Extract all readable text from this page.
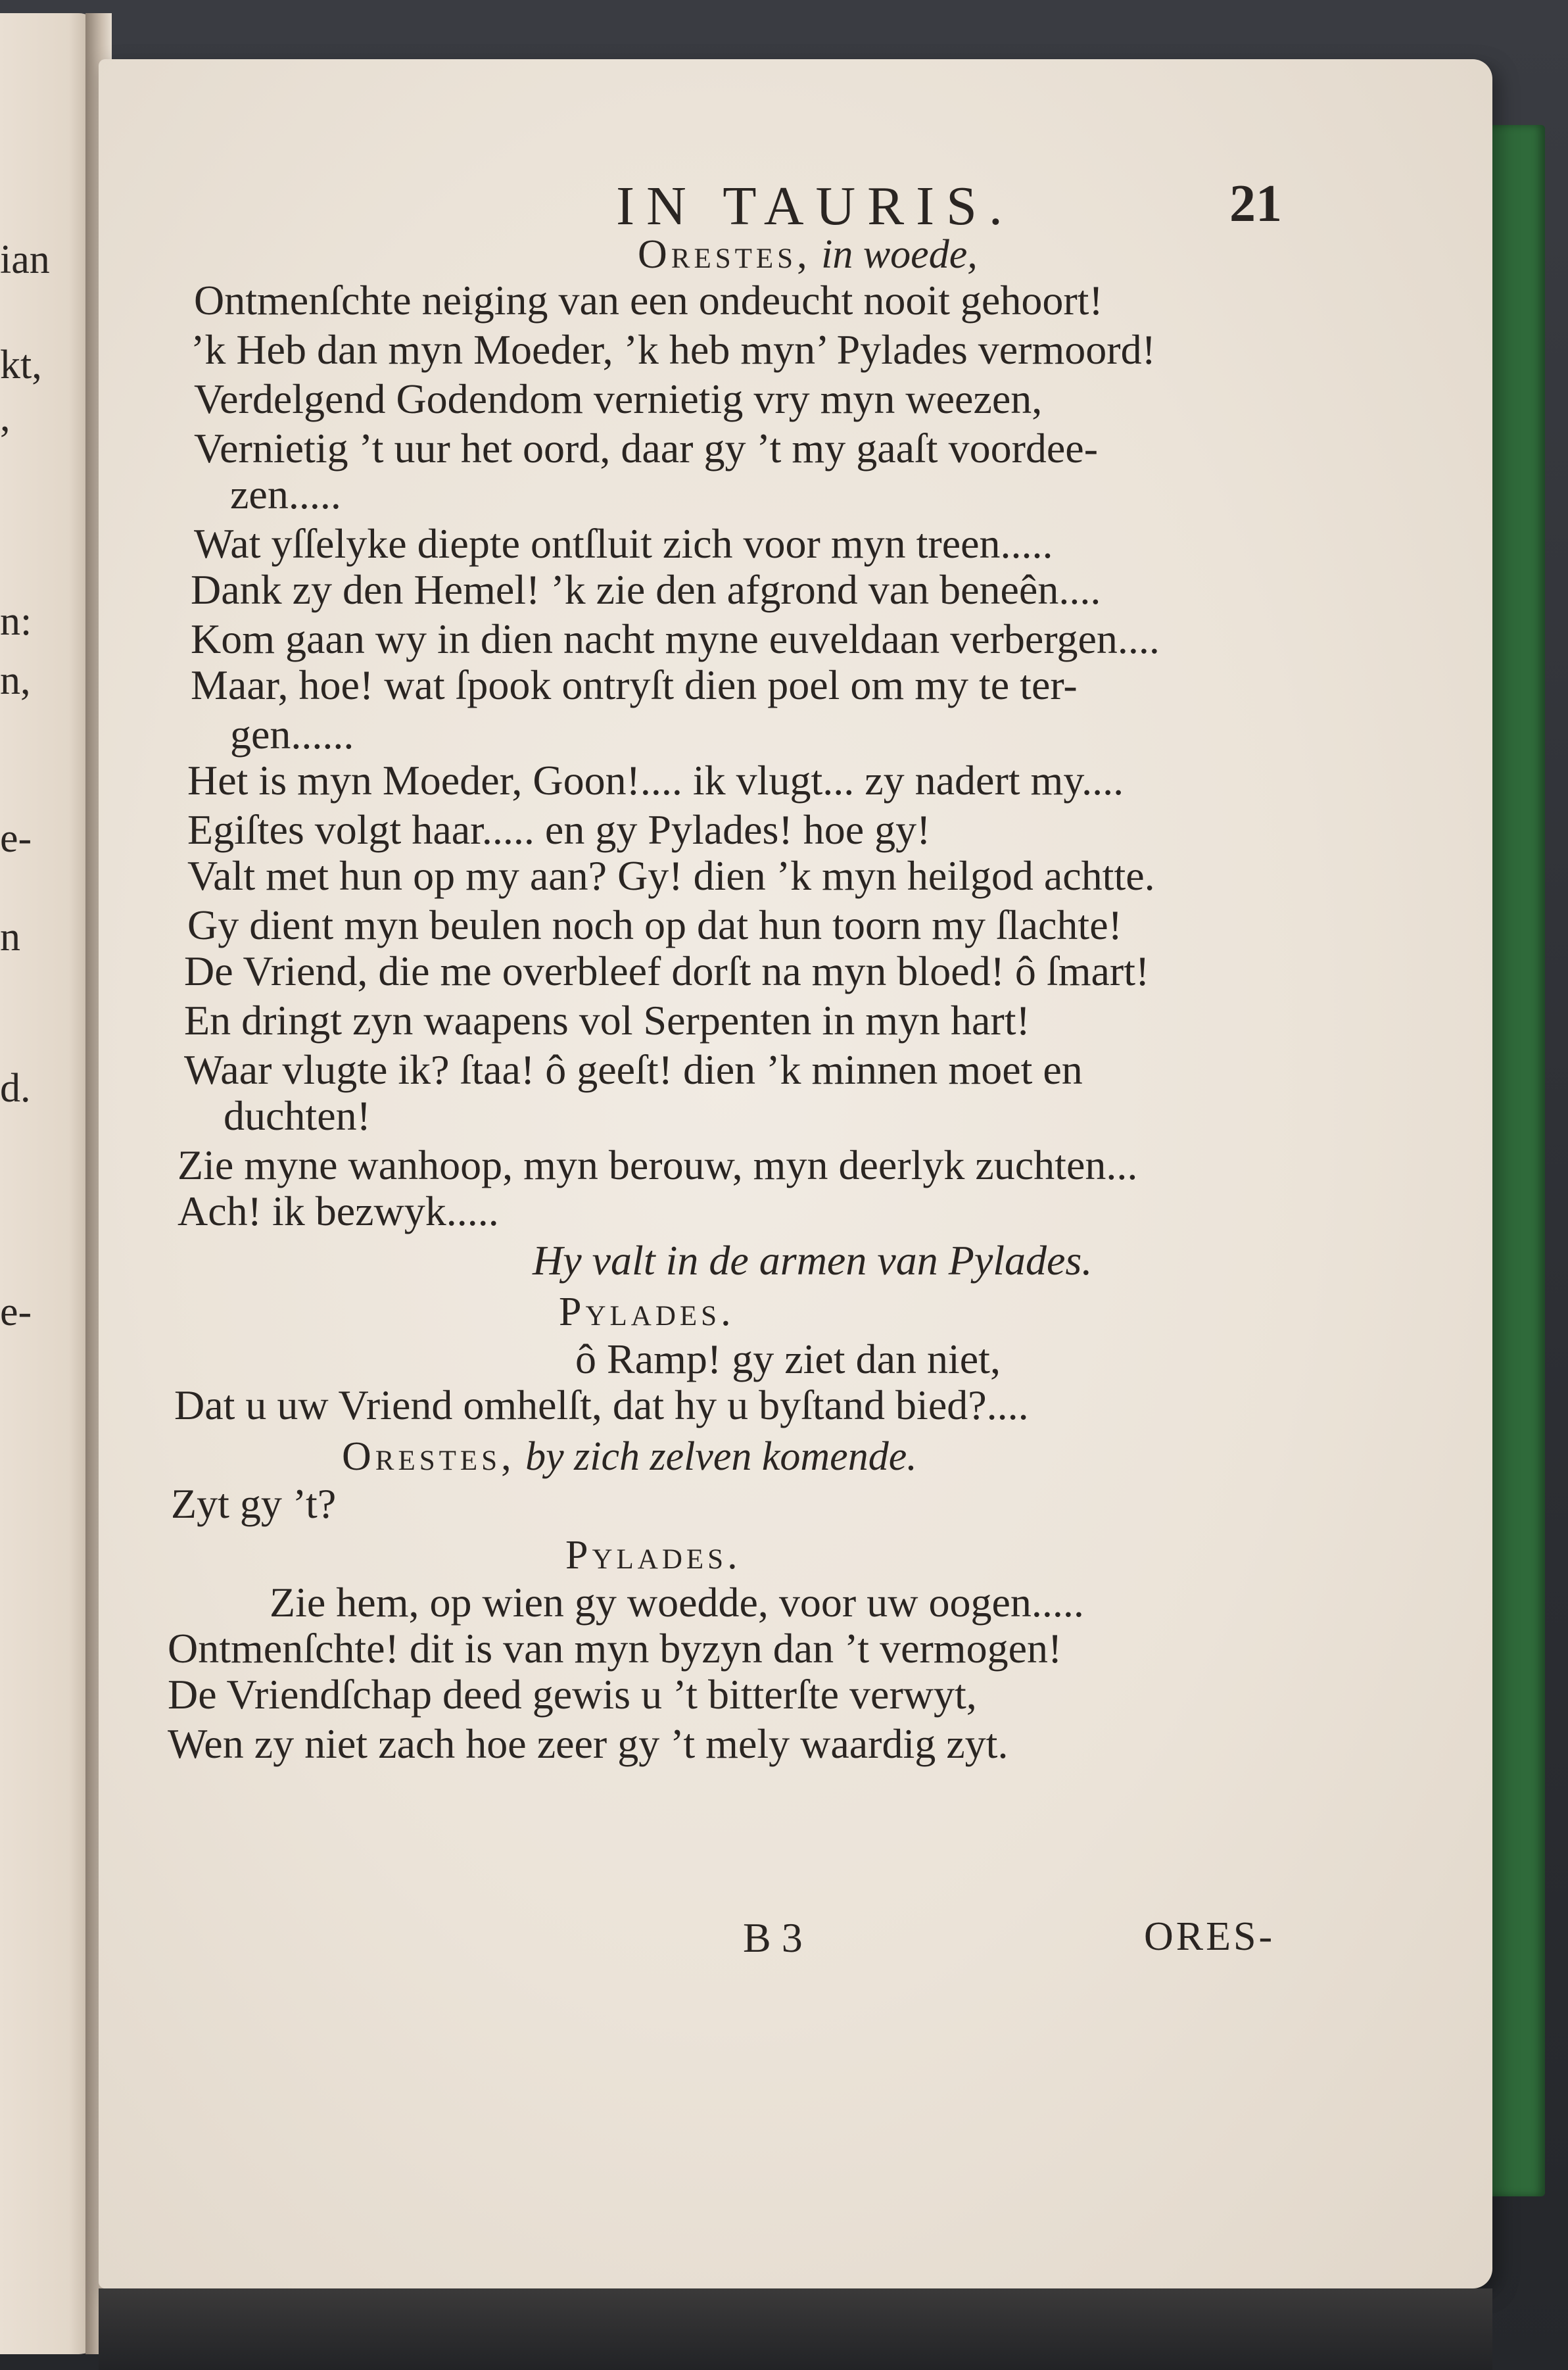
ian
kt,
,
n:
n,
e-
n
d.
e-
IN TAURIS.	21
Orestes, in woede,
Ontmenſchte neiging van een ondeucht nooit gehoort!
’k Heb dan myn Moeder, ’k heb myn’ Pylades vermoord!
Verdelgend Godendom vernietig vry myn weezen,
Vernietig ’t uur het oord, daar gy ’t my gaaſt voordee-
zen.....
Wat yſſelyke diepte ontſluit zich voor myn treen.....
Dank zy den Hemel! ’k zie den afgrond van beneên....
Kom gaan wy in dien nacht myne euveldaan verbergen....
Maar, hoe! wat ſpook ontryſt dien poel om my te ter-
gen......
Het is myn Moeder, Goon!.... ik vlugt... zy nadert my....
Egiſtes volgt haar..... en gy Pylades! hoe gy!
Valt met hun op my aan? Gy! dien ’k myn heilgod achtte.
Gy dient myn beulen noch op dat hun toorn my ſlachte!
De Vriend, die me overbleef dorſt na myn bloed! ô ſmart!
En dringt zyn waapens vol Serpenten in myn hart!
Waar vlugte ik? ſtaa! ô geeſt! dien ’k minnen moet en
duchten!
Zie myne wanhoop, myn berouw, myn deerlyk zuchten...
Ach! ik bezwyk.....
Hy valt in de armen van Pylades.
Pylades.
ô Ramp! gy ziet dan niet,
Dat u uw Vriend omhelſt, dat hy u byſtand bied?....
Orestes, by zich zelven komende.
Zyt gy ’t?
Pylades.
Zie hem, op wien gy woedde, voor uw oogen.....
Ontmenſchte! dit is van myn byzyn dan ’t vermogen!
De Vriendſchap deed gewis u ’t bitterſte verwyt,
Wen zy niet zach hoe zeer gy ’t mely waardig zyt.
B 3	ORES-
